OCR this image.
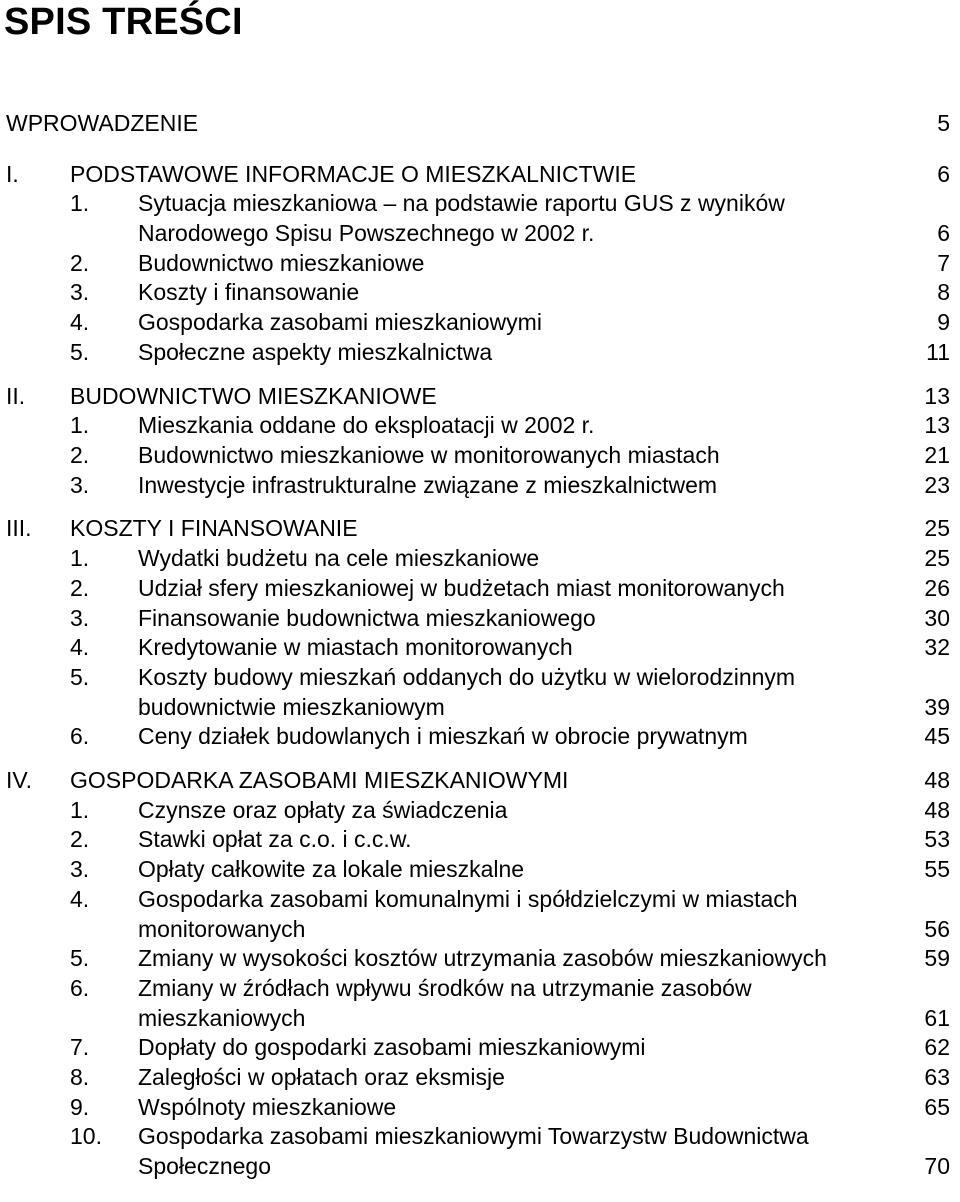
SPIS TREŚCI
WPROWADZENIE	5
I. PODSTAWOWE INFORMACJE O MIESZKALNICTWIE	6
1. Sytuacja mieszkaniowa – na podstawie raportu GUS z wyników
Narodowego Spisu Powszechnego w 2002 r.	6
2. Budownictwo mieszkaniowe	7
3. Koszty i finansowanie	8
4. Gospodarka zasobami mieszkaniowymi	9
5. Społeczne aspekty mieszkalnictwa	11
II. BUDOWNICTWO MIESZKANIOWE	13
1. Mieszkania oddane do eksploatacji w 2002 r.	13
2. Budownictwo mieszkaniowe w monitorowanych miastach	21
3. Inwestycje infrastrukturalne związane z mieszkalnictwem	23
III. KOSZTY I FINANSOWANIE	25
1. Wydatki budżetu na cele mieszkaniowe	25
2. Udział sfery mieszkaniowej w budżetach miast monitorowanych	26
3. Finansowanie budownictwa mieszkaniowego	30
4. Kredytowanie w miastach monitorowanych	32
5. Koszty budowy mieszkań oddanych do użytku w wielorodzinnym
budownictwie mieszkaniowym	39
6. Ceny działek budowlanych i mieszkań w obrocie prywatnym	45
IV. GOSPODARKA ZASOBAMI MIESZKANIOWYMI	48
1. Czynsze oraz opłaty za świadczenia	48
2. Stawki opłat za c.o. i c.c.w.	53
3. Opłaty całkowite za lokale mieszkalne	55
4. Gospodarka zasobami komunalnymi i spółdzielczymi w miastach
monitorowanych	56
5. Zmiany w wysokości kosztów utrzymania zasobów mieszkaniowych	59
6. Zmiany w źródłach wpływu środków na utrzymanie zasobów
mieszkaniowych	61
7. Dopłaty do gospodarki zasobami mieszkaniowymi	62
8. Zaległości w opłatach oraz eksmisje	63
9. Wspólnoty mieszkaniowe	65
10. Gospodarka zasobami mieszkaniowymi Towarzystw Budownictwa
Społecznego	70
